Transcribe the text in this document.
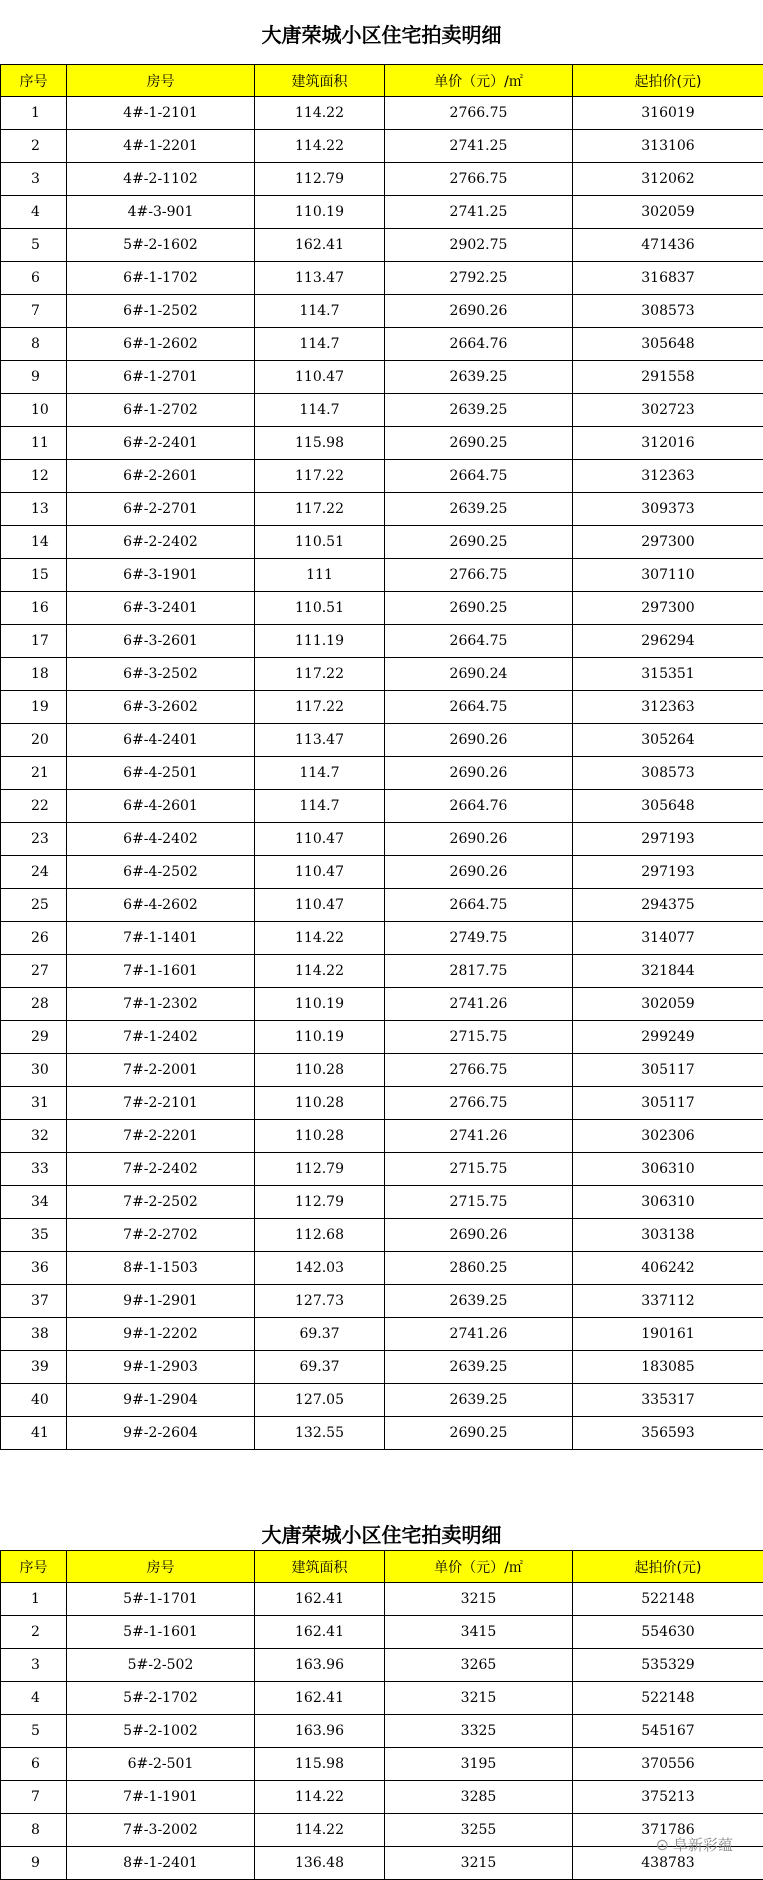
大唐荣城小区住宅拍卖明细
序号	房号	建筑面积	单价（元）/㎡	起拍价(元)
1	4#-1-2101	114.22	2766.75	316019
2	4#-1-2201	114.22	2741.25	313106
3	4#-2-1102	112.79	2766.75	312062
4	4#-3-901	110.19	2741.25	302059
5	5#-2-1602	162.41	2902.75	471436
6	6#-1-1702	113.47	2792.25	316837
7	6#-1-2502	114.7	2690.26	308573
8	6#-1-2602	114.7	2664.76	305648
9	6#-1-2701	110.47	2639.25	291558
10	6#-1-2702	114.7	2639.25	302723
11	6#-2-2401	115.98	2690.25	312016
12	6#-2-2601	117.22	2664.75	312363
13	6#-2-2701	117.22	2639.25	309373
14	6#-2-2402	110.51	2690.25	297300
15	6#-3-1901	111	2766.75	307110
16	6#-3-2401	110.51	2690.25	297300
17	6#-3-2601	111.19	2664.75	296294
18	6#-3-2502	117.22	2690.24	315351
19	6#-3-2602	117.22	2664.75	312363
20	6#-4-2401	113.47	2690.26	305264
21	6#-4-2501	114.7	2690.26	308573
22	6#-4-2601	114.7	2664.76	305648
23	6#-4-2402	110.47	2690.26	297193
24	6#-4-2502	110.47	2690.26	297193
25	6#-4-2602	110.47	2664.75	294375
26	7#-1-1401	114.22	2749.75	314077
27	7#-1-1601	114.22	2817.75	321844
28	7#-1-2302	110.19	2741.26	302059
29	7#-1-2402	110.19	2715.75	299249
30	7#-2-2001	110.28	2766.75	305117
31	7#-2-2101	110.28	2766.75	305117
32	7#-2-2201	110.28	2741.26	302306
33	7#-2-2402	112.79	2715.75	306310
34	7#-2-2502	112.79	2715.75	306310
35	7#-2-2702	112.68	2690.26	303138
36	8#-1-1503	142.03	2860.25	406242
37	9#-1-2901	127.73	2639.25	337112
38	9#-1-2202	69.37	2741.26	190161
39	9#-1-2903	69.37	2639.25	183085
40	9#-1-2904	127.05	2639.25	335317
41	9#-2-2604	132.55	2690.25	356593
大唐荣城小区住宅拍卖明细
序号	房号	建筑面积	单价（元）/㎡	起拍价(元)
1	5#-1-1701	162.41	3215	522148
2	5#-1-1601	162.41	3415	554630
3	5#-2-502	163.96	3265	535329
4	5#-2-1702	162.41	3215	522148
5	5#-2-1002	163.96	3325	545167
6	6#-2-501	115.98	3195	370556
7	7#-1-1901	114.22	3285	375213
8	7#-3-2002	114.22	3255	371786
9	8#-1-2401	136.48	3215	438783
⊙ 阜新彩蕴
